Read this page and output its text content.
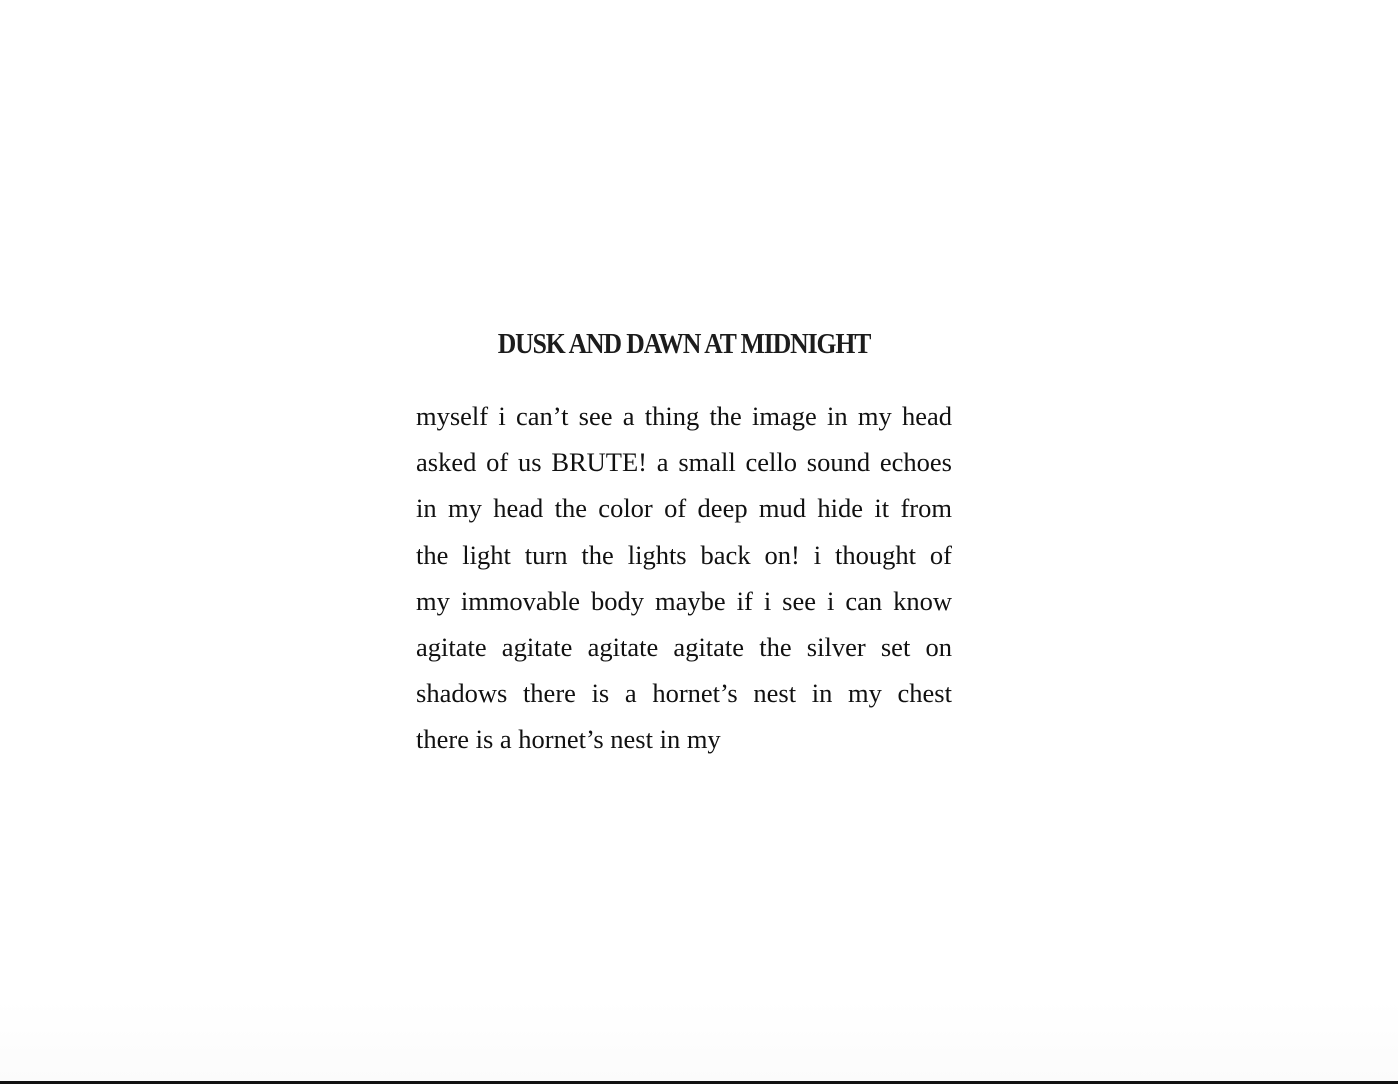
DUSK AND DAWN AT MIDNIGHT
myself i can’t see a thing the image in my head
asked of us BRUTE! a small cello sound echoes
in my head the color of deep mud hide it from
the light turn the lights back on! i thought of
my immovable body maybe if i see i can know
agitate agitate agitate agitate the silver set on
shadows there is a hornet’s nest in my chest
there is a hornet’s nest in my
